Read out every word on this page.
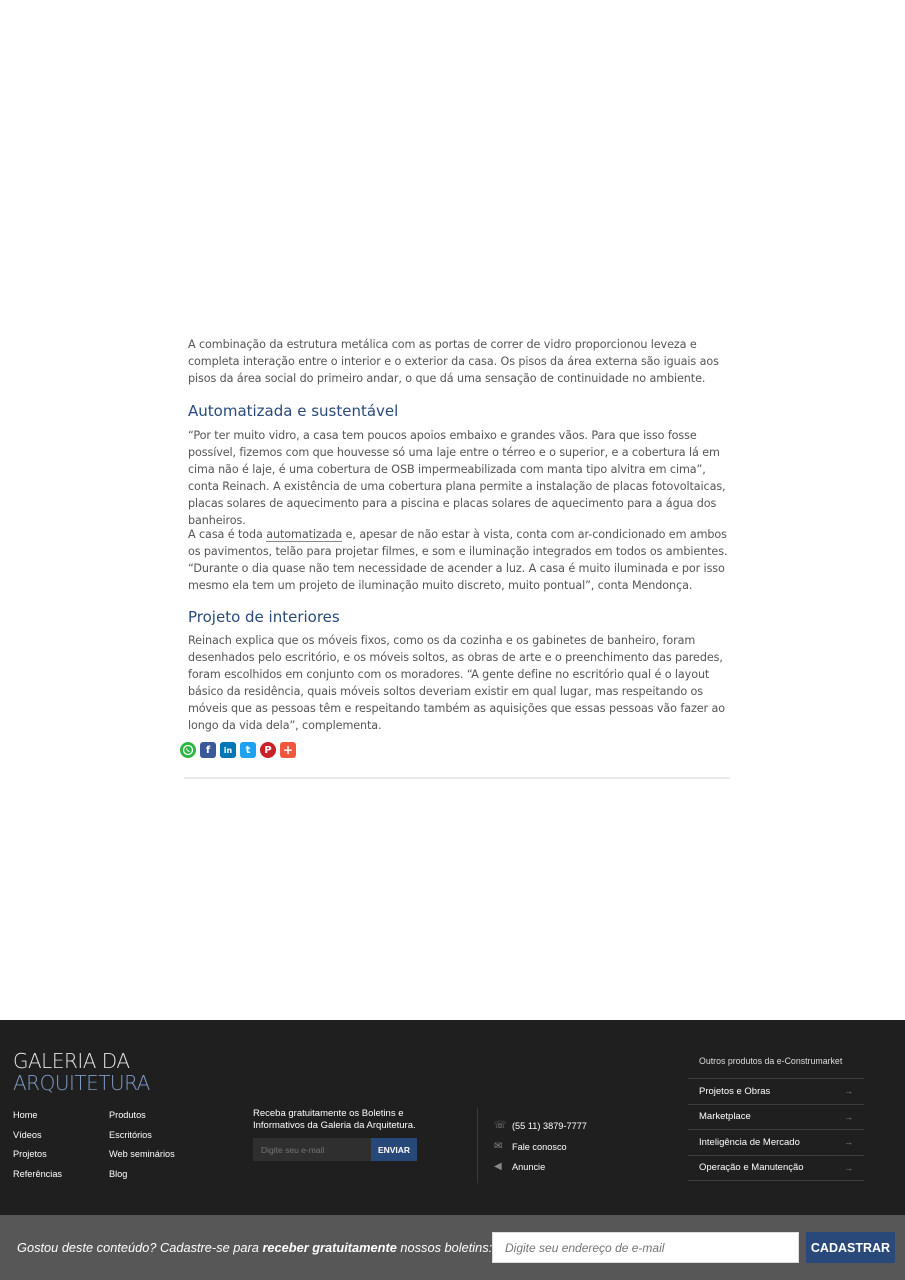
A combinação da estrutura metálica com as portas de correr de vidro proporcionou leveza e completa interação entre o interior e o exterior da casa. Os pisos da área externa são iguais aos pisos da área social do primeiro andar, o que dá uma sensação de continuidade no ambiente.

Automatizada e sustentável

“Por ter muito vidro, a casa tem poucos apoios embaixo e grandes vãos. Para que isso fosse possível, fizemos com que houvesse só uma laje entre o térreo e o superior, e a cobertura lá em cima não é laje, é uma cobertura de OSB impermeabilizada com manta tipo alvitra em cima”, conta Reinach. A existência de uma cobertura plana permite a instalação de placas fotovoltaicas, placas solares de aquecimento para a piscina e placas solares de aquecimento para a água dos banheiros.

A casa é toda automatizada e, apesar de não estar à vista, conta com ar-condicionado em ambos os pavimentos, telão para projetar filmes, e som e iluminação integrados em todos os ambientes. “Durante o dia quase não tem necessidade de acender a luz. A casa é muito iluminada e por isso mesmo ela tem um projeto de iluminação muito discreto, muito pontual”, conta Mendonça.

Projeto de interiores

Reinach explica que os móveis fixos, como os da cozinha e os gabinetes de banheiro, foram desenhados pelo escritório, e os móveis soltos, as obras de arte e o preenchimento das paredes, foram escolhidos em conjunto com os moradores. “A gente define no escritório qual é o layout básico da residência, quais móveis soltos deveriam existir em qual lugar, mas respeitando os móveis que as pessoas têm e respeitando também as aquisições que essas pessoas vão fazer ao longo da vida dela”, complementa.

f	in	t	P +
GALERIA DA
ARQUITETURA
Home
Vídeos
Projetos
Referências
Produtos
Escritórios
Web seminários
Blog
Receba gratuitamente os Boletins e Informativos da Galeria da Arquitetura.
Digite seu e-mail
ENVIAR
☏ (55 11) 3879-7777
✉	Fale conosco
◀	Anuncie
Outros produtos da e-Construmarket
Projetos e Obras	→
Marketplace	→
Inteligência de Mercado	→
Operação e Manutenção	→
Gostou deste conteúdo? Cadastre-se para receber gratuitamente nossos boletins:
Digite seu endereço de e-mail	CADASTRAR
